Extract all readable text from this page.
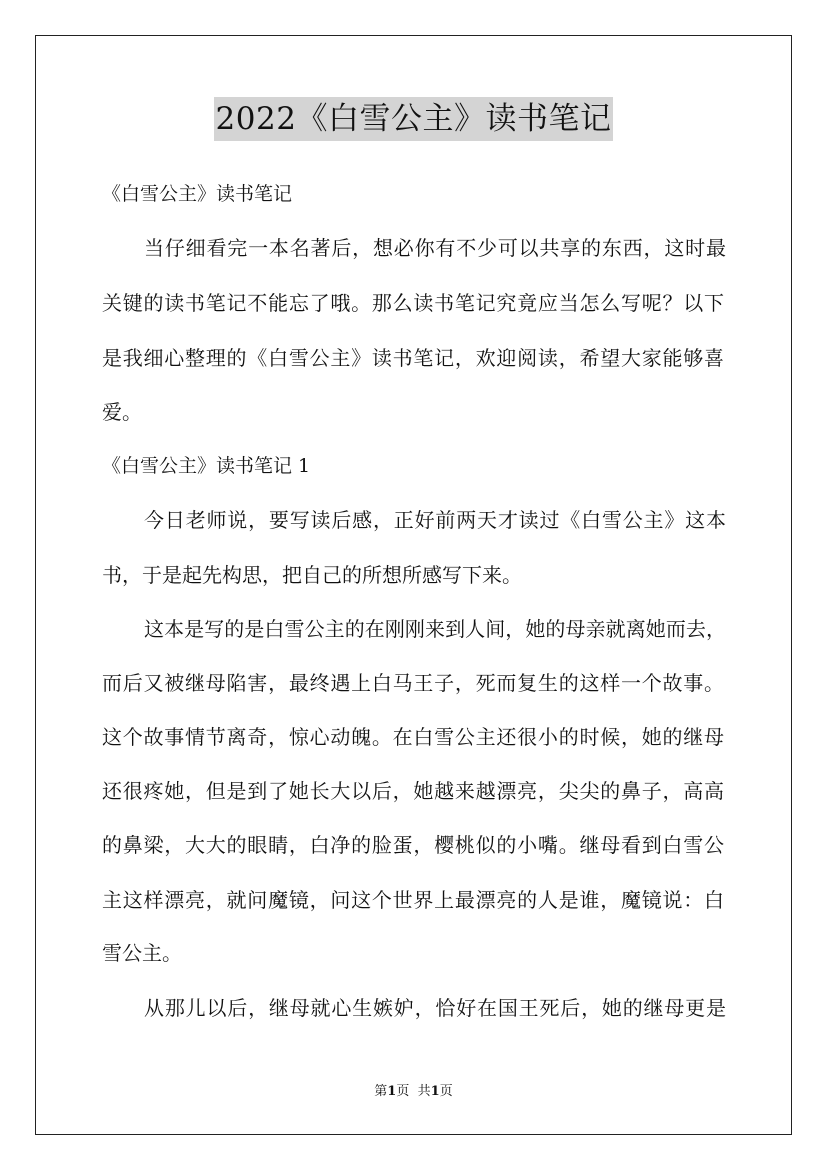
2022《白雪公主》读书笔记
《白雪公主》读书笔记
当仔细看完一本名著后，想必你有不少可以共享的东西，这时最
关键的读书笔记不能忘了哦。那么读书笔记究竟应当怎么写呢？以下
是我细心整理的《白雪公主》读书笔记，欢迎阅读，希望大家能够喜
爱。
《白雪公主》读书笔记 1
今日老师说，要写读后感，正好前两天才读过《白雪公主》这本
书，于是起先构思，把自己的所想所感写下来。
这本是写的是白雪公主的在刚刚来到人间，她的母亲就离她而去，
而后又被继母陷害，最终遇上白马王子，死而复生的这样一个故事。
这个故事情节离奇，惊心动魄。在白雪公主还很小的时候，她的继母
还很疼她，但是到了她长大以后，她越来越漂亮，尖尖的鼻子，高高
的鼻梁，大大的眼睛，白净的脸蛋，樱桃似的小嘴。继母看到白雪公
主这样漂亮，就问魔镜，问这个世界上最漂亮的人是谁，魔镜说：白
雪公主。
从那儿以后，继母就心生嫉妒，恰好在国王死后，她的继母更是
第1页 共1页
